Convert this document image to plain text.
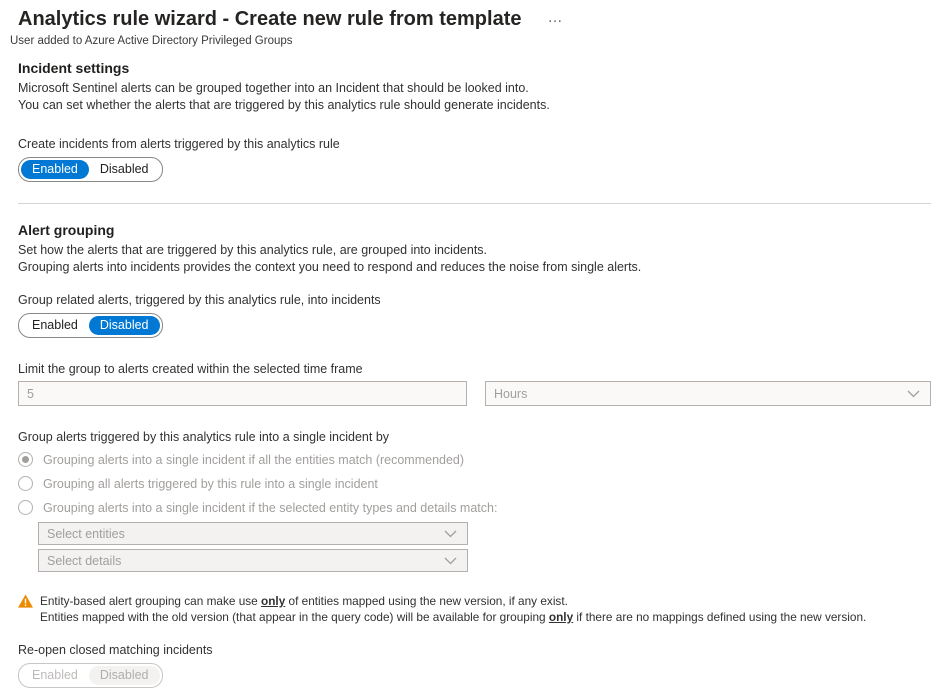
Analytics rule wizard - Create new rule from template …
User added to Azure Active Directory Privileged Groups
Incident settings
Microsoft Sentinel alerts can be grouped together into an Incident that should be looked into.
You can set whether the alerts that are triggered by this analytics rule should generate incidents.
Create incidents from alerts triggered by this analytics rule
Enabled	Disabled
Alert grouping
Set how the alerts that are triggered by this analytics rule, are grouped into incidents.
Grouping alerts into incidents provides the context you need to respond and reduces the noise from single alerts.
Group related alerts, triggered by this analytics rule, into incidents
Enabled	Disabled
Limit the group to alerts created within the selected time frame
5
Hours
Group alerts triggered by this analytics rule into a single incident by
Grouping alerts into a single incident if all the entities match (recommended)
Grouping all alerts triggered by this rule into a single incident
Grouping alerts into a single incident if the selected entity types and details match:
Select entities
Select details
Entity-based alert grouping can make use only of entities mapped using the new version, if any exist.
Entities mapped with the old version (that appear in the query code) will be available for grouping only if there are no mappings defined using the new version.
Re-open closed matching incidents
Enabled	Disabled
